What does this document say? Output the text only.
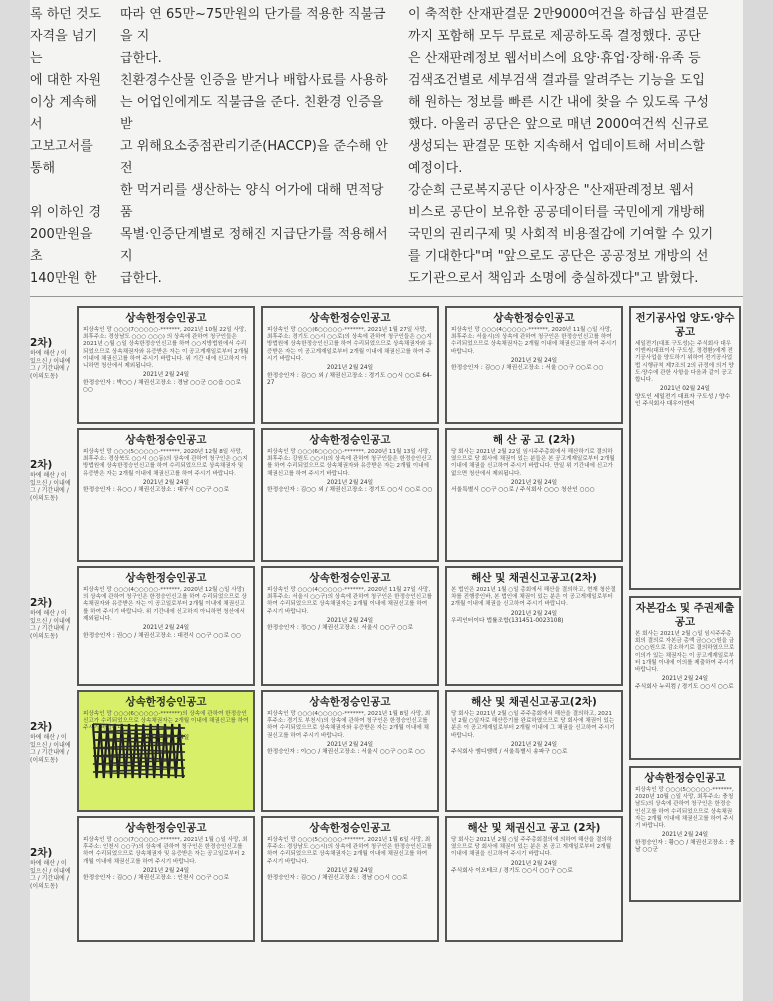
록 하던 것도

자격을 넘기는

에 대한 자원

이상 계속해서

고보고서를 통해

위 이하인 경

200만원을 초

140만원 한

따라 연 65만~75만원의 단가를 적용한 직불금을 지

급한다.

친환경수산물 인증을 받거나 배합사료를 사용하

는 어업인에게도 직불금을 준다. 친환경 인증을 받

고 위해요소중점관리기준(HACCP)을 준수해 안전

한 먹거리를 생산하는 양식 어가에 대해 면적당 품

목별·인증단계별로 정해진 지급단가를 적용해서 지

급한다.

이 축적한 산재판결문 2만9000여건을 하급심 판결문

까지 포함해 모두 무료로 제공하도록 결정했다. 공단

은 산재판례정보 웹서비스에 요양·휴업·장해·유족 등

검색조건별로 세부검색 결과를 알려주는 기능을 도입

해 원하는 정보를 빠른 시간 내에 찾을 수 있도록 구성

했다. 아울러 공단은 앞으로 매년 2000여건씩 신규로

생성되는 판결문 또한 지속해서 업데이트해 서비스할

예정이다.

강순희 근로복지공단 이사장은 "산재판례정보 웹서

비스로 공단이 보유한 공공데이터를 국민에게 개방해

국민의 권리구제 및 사회적 비용절감에 기여할 수 있기

를 기대한다"며 "앞으로도 공단은 공공정보 개방의 선

도기관으로서 책임과 소명에 충실하겠다"고 밝혔다.

2차)
하에 해산 / 이 있으신 / 이내에 그 / 기간내에 / (이의도동)
2차)
하에 해산 / 이 있으신 / 이내에 그 / 기간내에 / (이의도동)
2차)
하에 해산 / 이 있으신 / 이내에 그 / 기간내에 / (이의도동)
2차)
하에 해산 / 이 있으신 / 이내에 그 / 기간내에 / (이의도동)
2차)
하에 해산 / 이 있으신 / 이내에 그 / 기간내에 / (이의도동)
상속한정승인공고
피상속인 망 ○○○(7○○○○○-*******, 2021년 10월 22일 사망, 최후주소: 경상남도 ○○○ ○○○) 의 상속에 관하여 청구인들은 2021년 ○월 ○일 상속한정승인신고를 하여 ○○지방법원에서 수리되었으므로 상속채권자와 유증받은 자는 이 공고게재일로부터 2개월 이내에 채권신고를 하여 주시기 바랍니다. 위 기간 내에 신고하지 아니하면 청산에서 제외됩니다.
2021년 2월 24일
한정승인자 : 박○○ / 채권신고장소 : 경남 ○○군 ○○읍 ○○로 ○○
상속한정승인공고
피상속인 망 ○○○(5○○○○○-*******, 2020년 12월 8일 사망, 최후주소: 경상북도 ○○시 ○○동)의 상속에 관하여 청구인은 ○○지방법원에 상속한정승인신고를 하여 수리되었으므로 상속채권자 및 유증받은 자는 2개월 이내에 채권신고를 하여 주시기 바랍니다.
2021년 2월 24일
한정승인자 : 유○○ / 채권신고장소 : 대구시 ○○구 ○○로
상속한정승인공고
피상속인 망 ○○○(4○○○○○-*******, 2020년 12월 ○일 사망)의 상속에 관하여 청구인은 한정승인신고를 하여 수리되었으므로 상속채권자와 유증받은 자는 이 공고일로부터 2개월 이내에 채권신고를 하여 주시기 바랍니다. 위 기간내에 신고하지 아니하면 청산에서 제외됩니다.
2021년 2월 24일
한정승인자 : 권○○ / 채권신고장소 : 대전시 ○○구 ○○로 ○○
상속한정승인공고
피상속인 망 ○○○(6○○○○○-*******)의 상속에 관하여 한정승인신고가 수리되었으므로 상속채권자는 2개월 이내에 채권신고를 하여 주시기 바랍니다.
2021년 2월 24일
상속한정승인공고
피상속인 망 ○○○(7○○○○○-*******, 2021년 1월 ○일 사망, 최후주소: 인천시 ○○구)의 상속에 관하여 청구인은 한정승인신고를 하여 수리되었으므로 상속채권자 및 유증받은 자는 공고일로부터 2개월 이내에 채권신고를 하여 주시기 바랍니다.
2021년 2월 24일
한정승인자 : 김○○ / 채권신고장소 : 인천시 ○○구 ○○로
상속한정승인공고
피상속인 망 ○○○(6○○○○○-*******, 2021년 1월 27일 사망, 최후주소: 경기도 ○○시 ○○로)의 상속에 관하여 청구인들은 ○○지방법원에 상속한정승인신고를 하여 수리되었으므로 상속채권자와 유증받은 자는 이 공고게재일로부터 2개월 이내에 채권신고를 하여 주시기 바랍니다.
2021년 2월 24일
한정승인자 : 김○○ 외 / 채권신고장소 : 경기도 ○○시 ○○로 64-27
상속한정승인공고
피상속인 망 ○○○(6○○○○○-*******, 2020년 11월 13일 사망, 최후주소: 강원도 ○○시)의 상속에 관하여 청구인들은 한정승인신고를 하여 수리되었으므로 상속채권자와 유증받은 자는 2개월 이내에 채권신고를 하여 주시기 바랍니다.
2021년 2월 24일
한정승인자 : 김○○ 외 / 채권신고장소 : 경기도 ○○시 ○○로 ○○
상속한정승인공고
피상속인 망 ○○○(4○○○○○-*******, 2020년 11월 27일 사망, 최후주소: 서울시 ○○구)의 상속에 관하여 청구인은 한정승인신고를 하여 수리되었으므로 상속채권자는 2개월 이내에 채권신고를 하여 주시기 바랍니다.
2021년 2월 24일
한정승인자 : 정○○ / 채권신고장소 : 서울시 ○○구 ○○로
상속한정승인공고
피상속인 망 ○○○(4○○○○○-*******, 2021년 1월 8일 사망, 최후주소: 경기도 부천시)의 상속에 관하여 청구인은 한정승인신고를 하여 수리되었으므로 상속채권자와 유증받은 자는 2개월 이내에 채권신고를 하여 주시기 바랍니다.
2021년 2월 24일
한정승인자 : 이○○ / 채권신고장소 : 서울시 ○○구 ○○로 ○○
상속한정승인공고
피상속인 망 ○○○(5○○○○○-*******, 2021년 1월 6일 사망, 최후주소: 경상남도 ○○시)의 상속에 관하여 청구인은 한정승인신고를 하여 수리되었으므로 상속채권자는 2개월 이내에 채권신고를 하여 주시기 바랍니다.
2021년 2월 24일
한정승인자 : 김○○ / 채권신고장소 : 경남 ○○시 ○○로
상속한정승인공고
피상속인 망 ○○○(4○○○○○-*******, 2020년 11월 ○일 사망, 최후주소: 서울시)의 상속에 관하여 청구인은 한정승인신고를 하여 수리되었으므로 상속채권자는 2개월 이내에 채권신고를 하여 주시기 바랍니다.
2021년 2월 24일
한정승인자 : 김○○ / 채권신고장소 : 서울 ○○구 ○○로 ○○
해 산 공 고 (2차)
당 회사는 2021년 2월 22일 임시주주총회에서 해산하기로 결의하였으므로 당 회사에 채권이 있는 분들은 본 공고게재일로부터 2개월 이내에 채권을 신고하여 주시기 바랍니다. 만일 위 기간내에 신고가 없으면 청산에서 제외됩니다.
2021년 2월 24일
서울특별시 ○○구 ○○로 / 주식회사 ○○○ 청산인 ○○○
해산 및 채권신고공고(2차)
본 법인은 2021년 1월 ○일 총회에서 해산을 결의하고, 현재 청산절차를 진행중인바, 본 법인에 채권이 있는 분은 이 공고게재일로부터 2개월 이내에 채권을 신고하여 주시기 바랍니다.
2021년 2월 24일
우리인터이다 법률조합(131451-0023108)
해산 및 채권신고공고(2차)
당 회사는 2021년 2월 ○일 주주총회에서 해산을 결의하고, 2021년 2월 ○일자로 해산등기를 완료하였으므로 당 회사에 채권이 있는 분은 이 공고게재일로부터 2개월 이내에 그 채권을 신고하여 주시기 바랍니다.
2021년 2월 24일
주식회사 엠디엠텍 / 서울특별시 송파구 ○○로
해산 및 채권신고 공고 (2차)
당 회사는 2021년 2월 ○일 주주총회결의에 의하여 해산을 결의하였으므로 당 회사에 채권이 있는 분은 본 공고 게재일로부터 2개월 이내에 채권을 신고하여 주시기 바랍니다.
2021년 2월 24일
주식회사 이오테크 / 경기도 ○○시 ○○구 ○○로
전기공사업 양도·양수 공고
세일전기(대표 구도성)는 주식회사 대우이엔씨(대표이사 구도성, 정경환)에게 전기공사업을 양도하기 위하여 전기공사업법 시행규칙 제7조의 2의 규정에 의거 양도·양수에 관한 사항을 다음과 같이 공고합니다.
2021년 02월 24일
양도인 세일전기 대표자 구도성 / 양수인 주식회사 대우이엔씨
자본감소 및 주권제출공고
본 회사는 2021년 2월 ○일 임시주주총회의 결의로 자본금 총액 금○○○원을 금○○○원으로 감소하기로 결의하였으므로 이의가 있는 채권자는 이 공고게재일로부터 1개월 이내에 이의를 제출하여 주시기 바랍니다.
2021년 2월 24일
주식회사 누리컴 / 경기도 ○○시 ○○로
상속한정승인공고
피상속인 망 ○○○(5○○○○○-*******, 2020년 10월 ○일 사망, 최후주소: 충청남도)의 상속에 관하여 청구인은 한정승인신고를 하여 수리되었으므로 상속채권자는 2개월 이내에 채권신고를 하여 주시기 바랍니다.
2021년 2월 24일
한정승인자 : 황○○ / 채권신고장소 : 충남 ○○군
